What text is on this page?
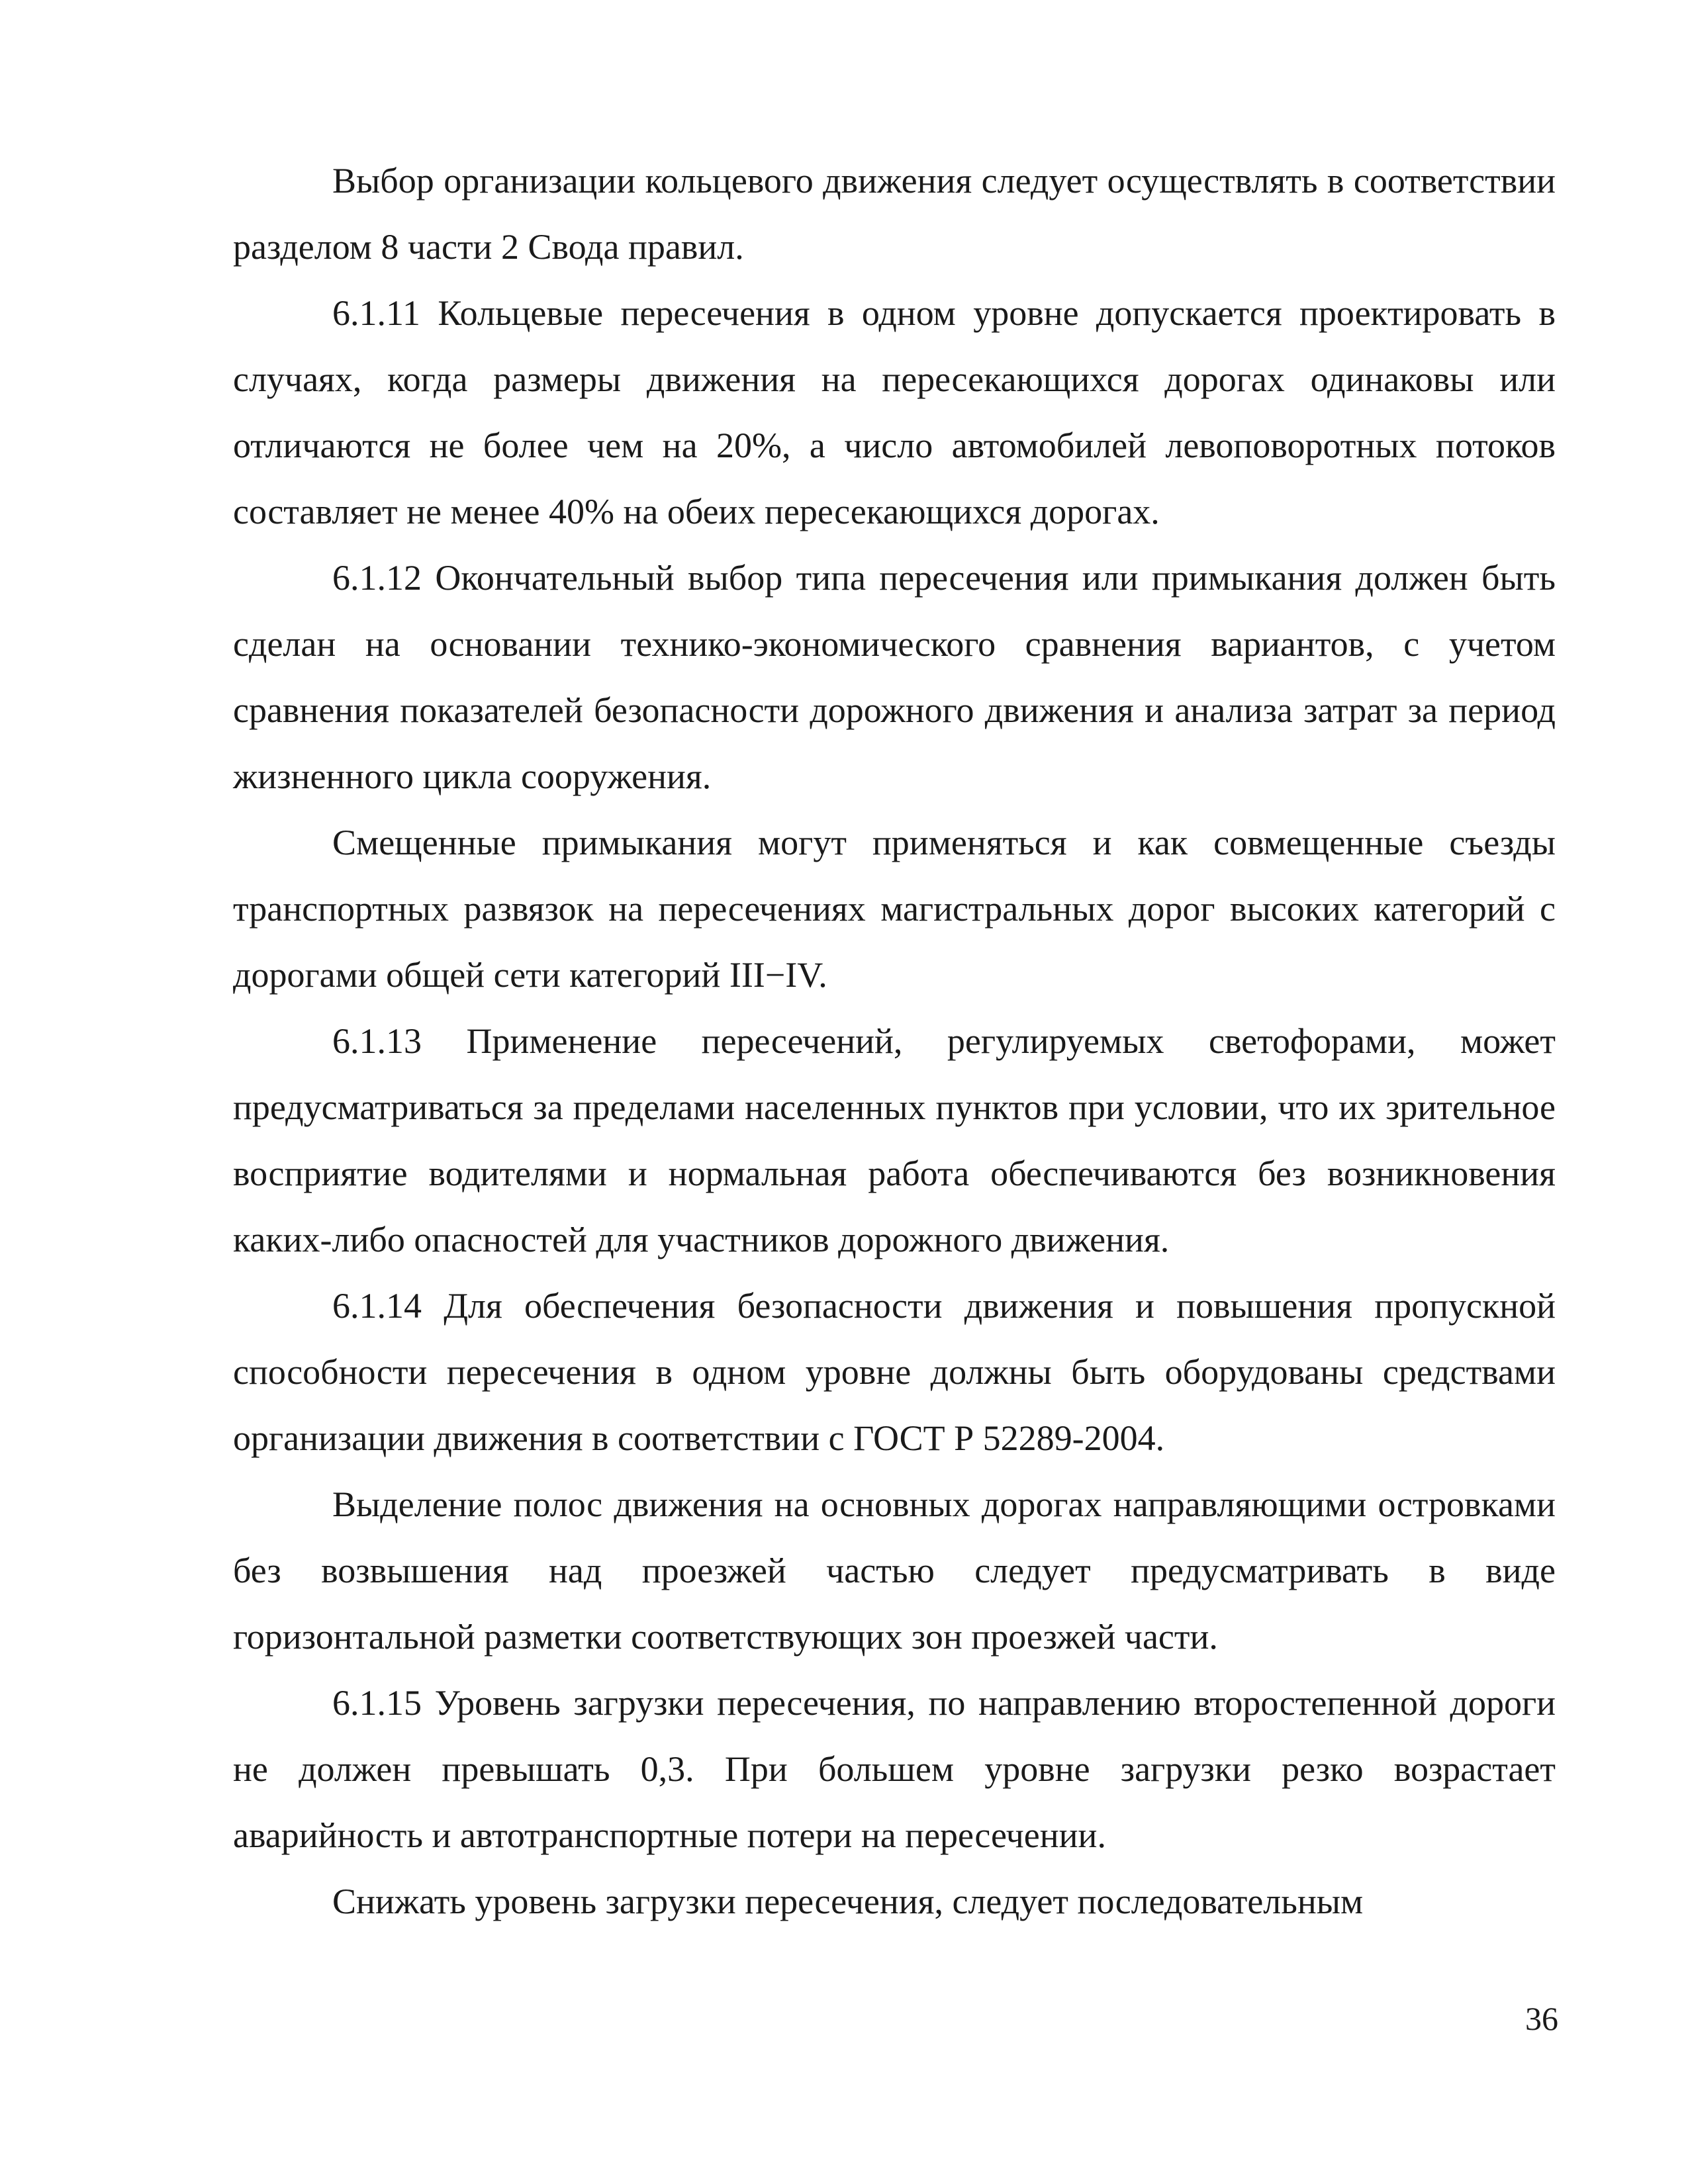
Выбор организации кольцевого движения следует осуществлять в соответствии разделом 8 части 2 Свода правил.

6.1.11 Кольцевые пересечения в одном уровне допускается проектировать в случаях, когда размеры движения на пересекающихся дорогах одинаковы или отличаются не более чем на 20%, а число автомобилей левоповоротных потоков составляет не менее 40% на обеих пересекающихся дорогах.

6.1.12 Окончательный выбор типа пересечения или примыкания должен быть сделан на основании технико-экономического сравнения вариантов, с учетом сравнения показателей безопасности дорожного движения и анализа затрат за период жизненного цикла сооружения.

Смещенные примыкания могут применяться и как совмещенные съезды транспортных развязок на пересечениях магистральных дорог высоких категорий с дорогами общей сети категорий III−IV.

6.1.13 Применение пересечений, регулируемых светофорами, может предусматриваться за пределами населенных пунктов при условии, что их зрительное восприятие водителями и нормальная работа обеспечиваются без возникновения каких-либо опасностей для участников дорожного движения.

6.1.14 Для обеспечения безопасности движения и повышения пропускной способности пересечения в одном уровне должны быть оборудованы средствами организации движения в соответствии с ГОСТ Р 52289-2004.

Выделение полос движения на основных дорогах направляющими островками без возвышения над проезжей частью следует предусматривать в виде горизонтальной разметки соответствующих зон проезжей части.

6.1.15 Уровень загрузки пересечения, по направлению второстепенной дороги не должен превышать 0,3. При большем уровне загрузки резко возрастает аварийность и автотранспортные потери на пересечении.

Снижать уровень загрузки пересечения, следует последовательным

36
